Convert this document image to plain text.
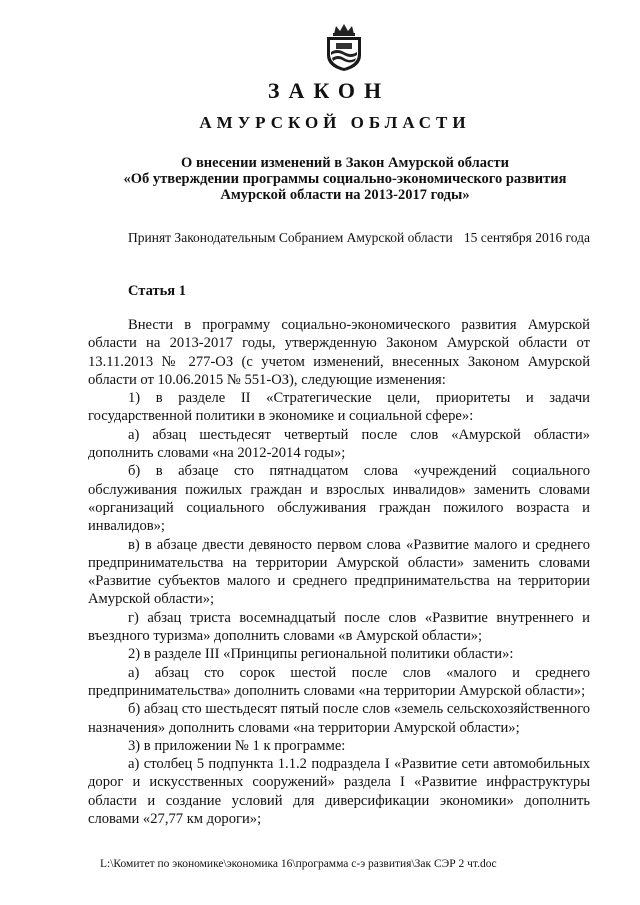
ЗАКОН
АМУРСКОЙ ОБЛАСТИ
О внесении изменений в Закон Амурской области
«Об утверждении программы социально-экономического развития
Амурской области на 2013-2017 годы»
Принят Законодательным Собранием Амурской области 15 сентября 2016 года
Статья 1

Внести в программу социально-экономического развития Амурской области на 2013-2017 годы, утвержденную Законом Амурской области от 13.11.2013 № 277-ОЗ (с учетом изменений, внесенных Законом Амурской области от 10.06.2015 № 551-ОЗ), следующие изменения:

1) в разделе II «Стратегические цели, приоритеты и задачи государственной политики в экономике и социальной сфере»:

а) абзац шестьдесят четвертый после слов «Амурской области» дополнить словами «на 2012-2014 годы»;

б) в абзаце сто пятнадцатом слова «учреждений социального обслуживания пожилых граждан и взрослых инвалидов» заменить словами «организаций социального обслуживания граждан пожилого возраста и инвалидов»;

в) в абзаце двести девяносто первом слова «Развитие малого и среднего предпринимательства на территории Амурской области» заменить словами «Развитие субъектов малого и среднего предпринимательства на территории Амурской области»;

г) абзац триста восемнадцатый после слов «Развитие внутреннего и въездного туризма» дополнить словами «в Амурской области»;

2) в разделе III «Принципы региональной политики области»:

а) абзац сто сорок шестой после слов «малого и среднего предпринимательства» дополнить словами «на территории Амурской области»;

б) абзац сто шестьдесят пятый после слов «земель сельскохозяйственного назначения» дополнить словами «на территории Амурской области»;

3) в приложении № 1 к программе:

а) столбец 5 подпункта 1.1.2 подраздела I «Развитие сети автомобильных дорог и искусственных сооружений» раздела I «Развитие инфраструктуры области и создание условий для диверсификации экономики» дополнить словами «27,77 км дороги»;

L:\Комитет по экономике\экономика 16\программа с-э развития\Зак СЭР 2 чт.doc
